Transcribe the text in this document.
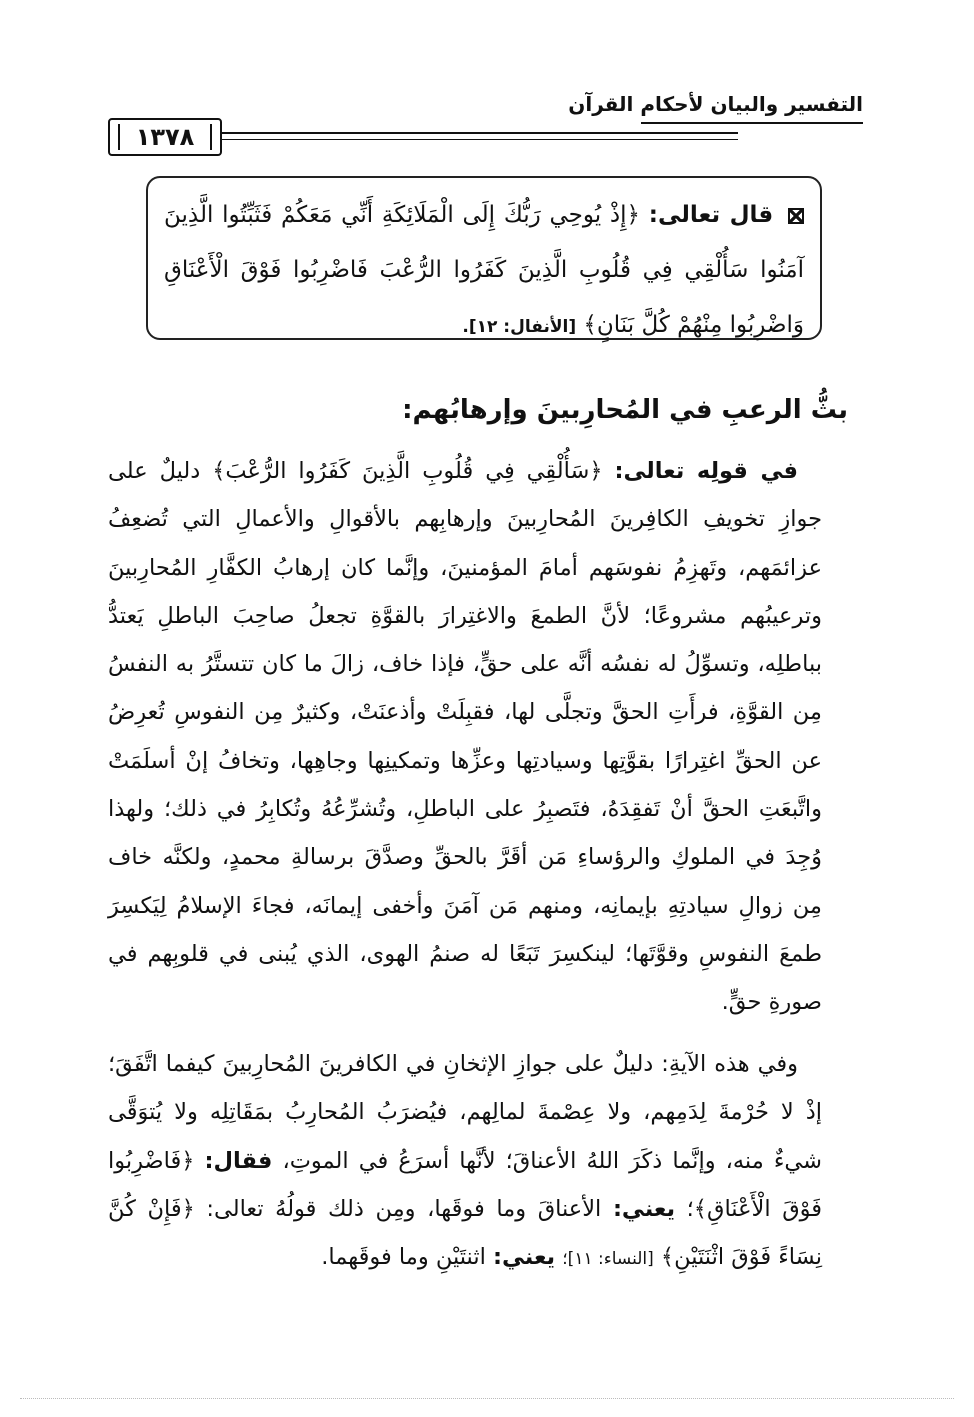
التفسير والبيان لأحكام القرآن
١٣٧٨
قال تعالى: ﴿إِذْ يُوحِي رَبُّكَ إِلَى الْمَلَائِكَةِ أَنِّي مَعَكُمْ فَثَبِّتُوا الَّذِينَ آمَنُوا سَأُلْقِي فِي قُلُوبِ الَّذِينَ كَفَرُوا الرُّعْبَ فَاضْرِبُوا فَوْقَ الْأَعْنَاقِ وَاضْرِبُوا مِنْهُمْ كُلَّ بَنَانٍ﴾ [الأنفال: ١٢].
بثُّ الرعبِ في المُحارِبينَ وإرهابُهم:
في قولِه تعالى: ﴿سَأُلْقِي فِي قُلُوبِ الَّذِينَ كَفَرُوا الرُّعْبَ﴾ دليلٌ على جوازِ تخويفِ الكافِرينَ المُحارِبينَ وإرهابِهم بالأقوالِ والأعمالِ التي تُضعِفُ عزائمَهم، وتَهزِمُ نفوسَهم أمامَ المؤمنينَ، وإنَّما كان إرهابُ الكفَّارِ المُحارِبينَ وترعيبُهم مشروعًا؛ لأنَّ الطمعَ والاغتِرارَ بالقوَّةِ تجعلُ صاحِبَ الباطلِ يَعتدُّ بباطلِه، وتسوِّلُ له نفسُه أنَّه على حقٍّ، فإذا خاف، زالَ ما كان تتستَّرُ به النفسُ مِن القوَّةِ، فرأَتِ الحقَّ وتجلَّى لها، فقبِلَتْ وأذعنَتْ، وكثيرٌ مِن النفوسِ تُعرِضُ عن الحقِّ اغتِرارًا بقوَّتِها وسيادتِها وعزِّها وتمكينِها وجاهِها، وتخافُ إنْ أسلَمَتْ واتَّبعَتِ الحقَّ أنْ تَفقِدَهُ، فتَصبِرُ على الباطلِ، وتُشرِّعُهُ وتُكابِرُ في ذلك؛ ولهذا وُجِدَ في الملوكِ والرؤساءِ مَن أقَرَّ بالحقِّ وصدَّقَ برسالةِ محمدٍ، ولكنَّه خاف مِن زوالِ سيادتِهِ بإيمانِه، ومنهم مَن آمَنَ وأخفى إيمانَه، فجاءَ الإسلامُ لِيَكسِرَ طمعَ النفوسِ وقوَّتَها؛ لينكسِرَ تَبَعًا له صنمُ الهوى، الذي يُبنى في قلوبِهم في صورةِ حقٍّ.
وفي هذه الآيةِ: دليلٌ على جوازِ الإثخانِ في الكافرينَ المُحارِبينَ كيفما اتَّفَقَ؛ إذْ لا حُرْمةَ لِدَمِهم، ولا عِصْمةَ لمالِهم، فيُضرَبُ المُحارِبُ بمَقَاتِلِه ولا يُتوَقَّى شيءٌ منه، وإنَّما ذكَرَ اللهُ الأعناقَ؛ لأنَّها أسرَعُ في الموتِ، فقال: ﴿فَاضْرِبُوا فَوْقَ الْأَعْنَاقِ﴾؛ يعني: الأعناقَ وما فوقَها، ومِن ذلك قولُهُ تعالى: ﴿فَإِنْ كُنَّ نِسَاءً فَوْقَ اثْنَتَيْنِ﴾ [النساء: ١١]؛ يعني: اثنتَيْنِ وما فوقَهما.
